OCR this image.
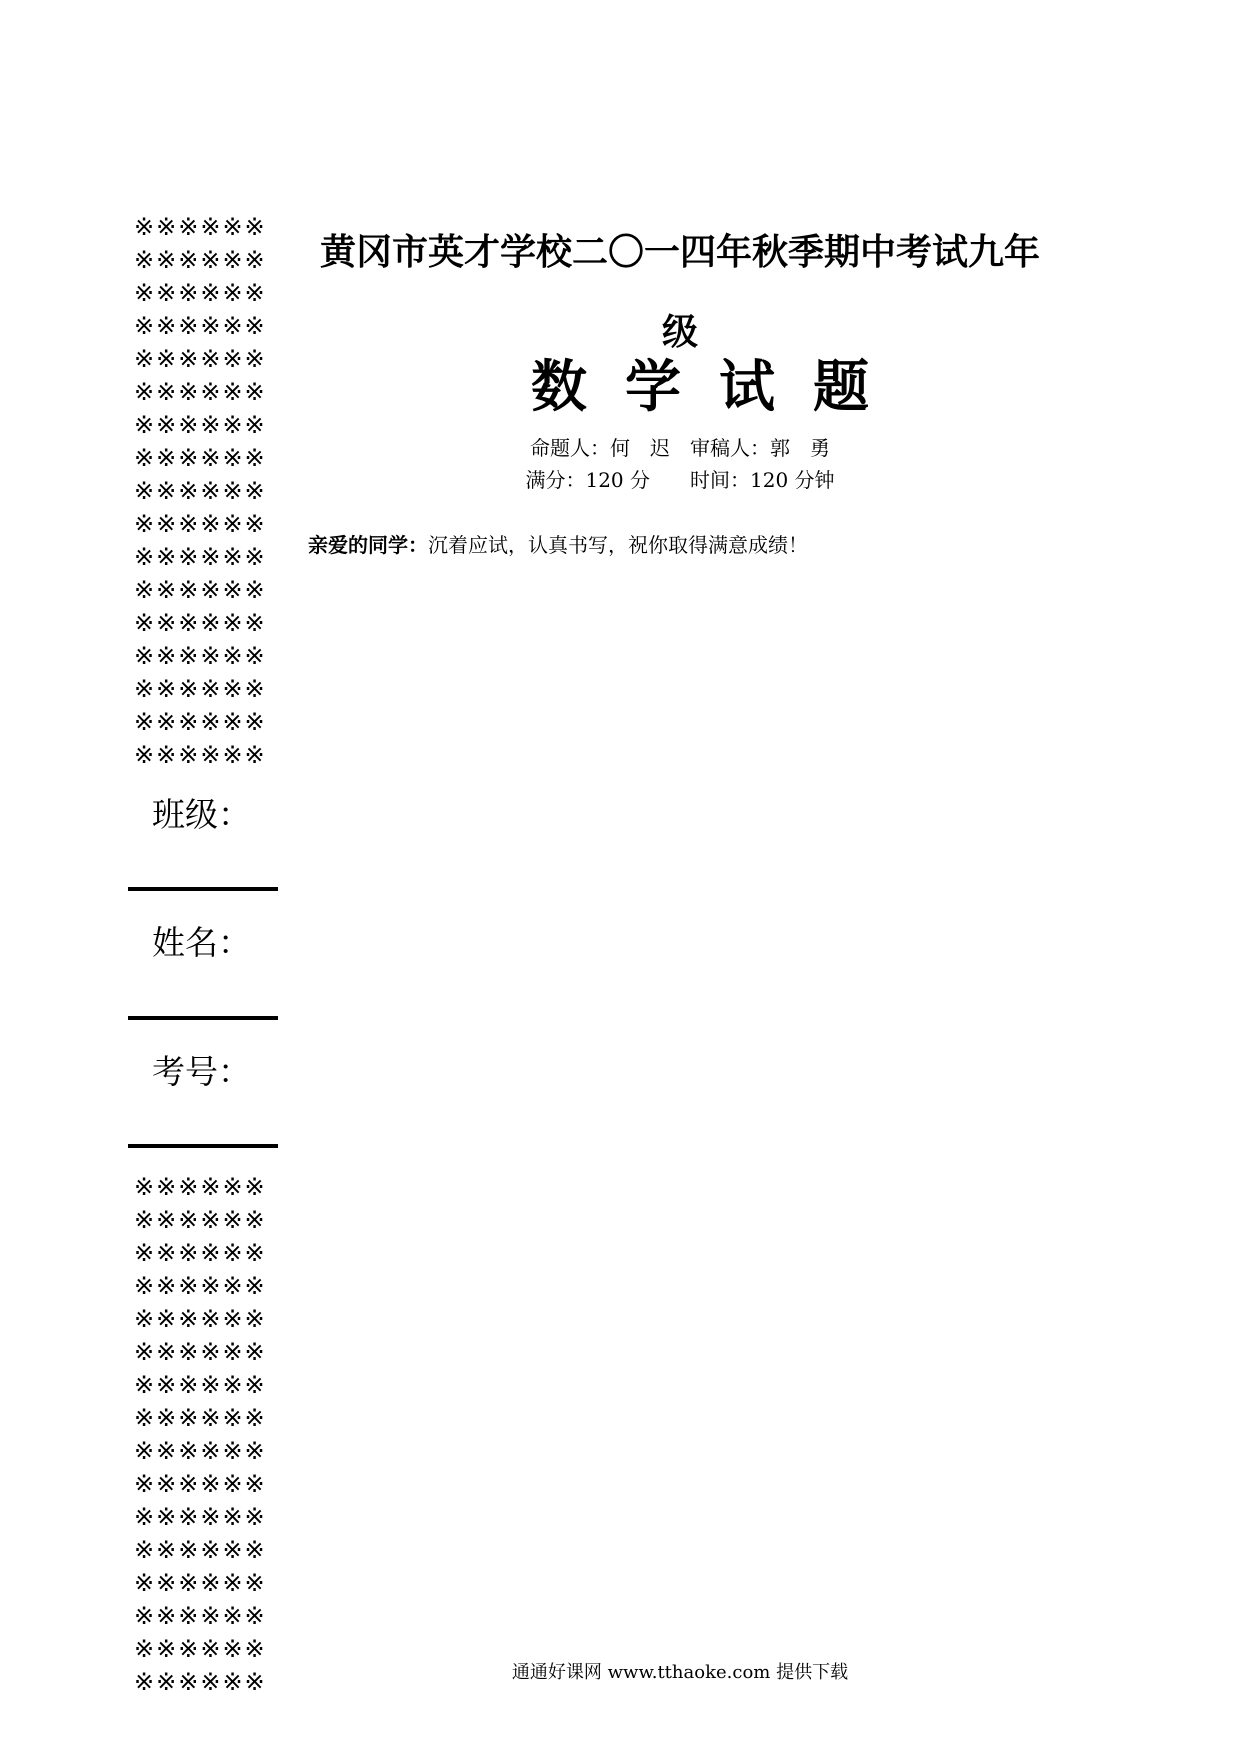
※※※※※※
※※※※※※
※※※※※※
※※※※※※
※※※※※※
※※※※※※
※※※※※※
※※※※※※
※※※※※※
※※※※※※
※※※※※※
※※※※※※
※※※※※※
※※※※※※
※※※※※※
※※※※※※
※※※※※※
班级：
姓名：
考号：
※※※※※※
※※※※※※
※※※※※※
※※※※※※
※※※※※※
※※※※※※
※※※※※※
※※※※※※
※※※※※※
※※※※※※
※※※※※※
※※※※※※
※※※※※※
※※※※※※
※※※※※※
※※※※※※
黄冈市英才学校二〇一四年秋季期中考试九年级
数学试题
命题人：何　迟　审稿人：郭　勇
满分：120 分　　时间：120 分钟
亲爱的同学：沉着应试，认真书写，祝你取得满意成绩！
通通好课网 www.tthaoke.com 提供下载
